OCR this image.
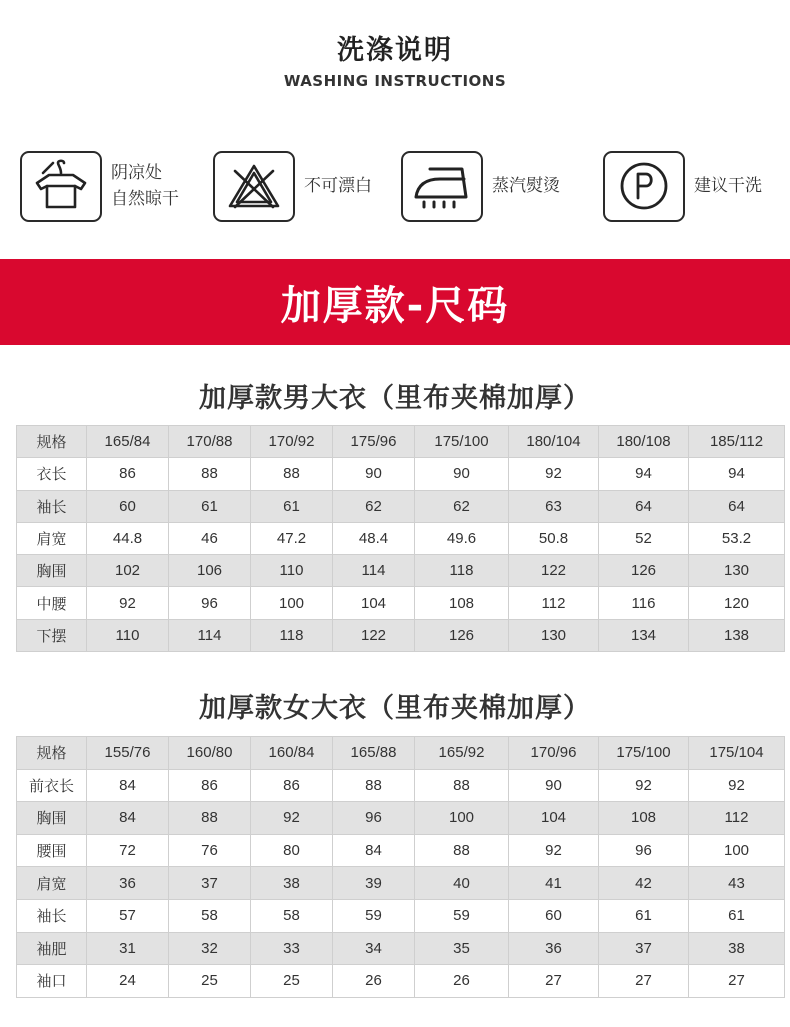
洗涤说明
WASHING INSTRUCTIONS
阴凉处
自然晾干
不可漂白	蒸汽熨烫	建议干洗
加厚款-尺码
加厚款男大衣（里布夹棉加厚）
规格	165/84	170/88	170/92	175/96	175/100	180/104	180/108	185/112
衣长	86	88	88	90	90	92	94	94
袖长	60	61	61	62	62	63	64	64
肩宽	44.8	46	47.2	48.4	49.6	50.8	52	53.2
胸围	102	106	110	114	118	122	126	130
中腰	92	96	100	104	108	112	116	120
下摆	110	114	118	122	126	130	134	138
加厚款女大衣（里布夹棉加厚）
规格	155/76	160/80	160/84	165/88	165/92	170/96	175/100	175/104
前衣长	84	86	86	88	88	90	92	92
胸围	84	88	92	96	100	104	108	112
腰围	72	76	80	84	88	92	96	100
肩宽	36	37	38	39	40	41	42	43
袖长	57	58	58	59	59	60	61	61
袖肥	31	32	33	34	35	36	37	38
袖口	24	25	25	26	26	27	27	27
